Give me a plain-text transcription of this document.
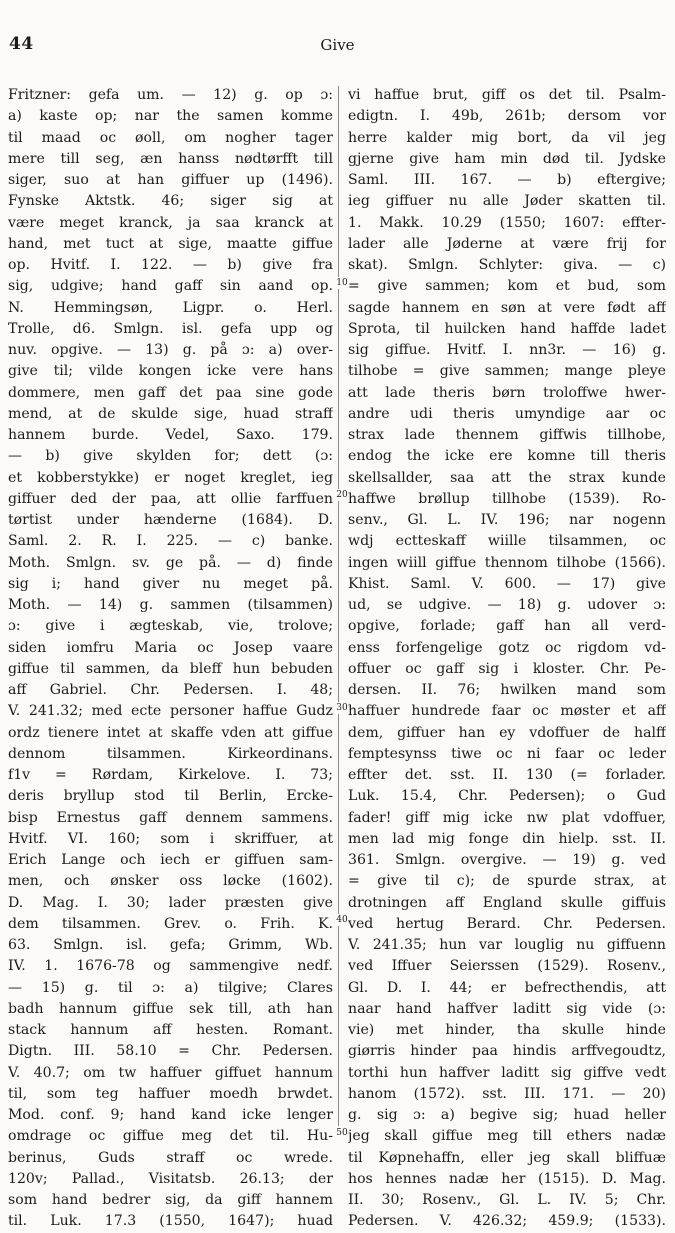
44	Give
Fritzner: gefa um. — 12) g. op ɔ:
a) kaste op; nar the samen komme
til maad oc øoll, om nogher tager
mere till seg, æn hanss nødtørfft till
siger, suo at han giffuer up (1496).
Fynske Aktstk. 46; siger sig at
være meget kranck, ja saa kranck at
hand, met tuct at sige, maatte giffue
op. Hvitf. I. 122. — b) give fra
sig, udgive; hand gaff sin aand op.
N. Hemmingsøn, Ligpr. o. Herl.
Trolle, d6. Smlgn. isl. gefa upp og
nuv. opgive. — 13) g. på ɔ: a) over-
give til; vilde kongen icke vere hans
dommere, men gaff det paa sine gode
mend, at de skulde sige, huad straff
hannem burde. Vedel, Saxo. 179.
— b) give skylden for; dett (ɔ:
et kobberstykke) er noget kreglet, ieg
giffuer ded der paa, att ollie farffuen
tørtist under hænderne (1684). D.
Saml. 2. R. I. 225. — c) banke.
Moth. Smlgn. sv. ge på. — d) finde
sig i; hand giver nu meget på.
Moth. — 14) g. sammen (tilsammen)
ɔ: give i ægteskab, vie, trolove;
siden iomfru Maria oc Josep vaare
giffue til sammen, da bleff hun bebuden
aff Gabriel. Chr. Pedersen. I. 48;
V. 241.32; med ecte personer haffue Gudz
ordz tienere intet at skaffe vden att giffue
dennom tilsammen. Kirkeordinans.
f1v = Rørdam, Kirkelove. I. 73;
deris bryllup stod til Berlin, Ercke-
bisp Ernestus gaff dennem sammens.
Hvitf. VI. 160; som i skriffuer, at
Erich Lange och iech er giffuen sam-
men, och ønsker oss løcke (1602).
D. Mag. I. 30; lader præsten give
dem tilsammen. Grev. o. Frih. K.
63. Smlgn. isl. gefa; Grimm, Wb.
IV. 1. 1676-78 og sammengive nedf.
— 15) g. til ɔ: a) tilgive; Clares
badh hannum giffue sek till, ath han
stack hannum aff hesten. Romant.
Digtn. III. 58.10 = Chr. Pedersen.
V. 40.7; om tw haffuer giffuet hannum
til, som teg haffuer moedh brwdet.
Mod. conf. 9; hand kand icke lenger
omdrage oc giffue meg det til. Hu-
berinus, Guds straff oc wrede.
120v; Pallad., Visitatsb. 26.13; der
som hand bedrer sig, da giff hannem
til. Luk. 17.3 (1550, 1647); huad
vi haffue brut, giff os det til. Psalm-
edigtn. I. 49b, 261b; dersom vor
herre kalder mig bort, da vil jeg
gjerne give ham min død til. Jydske
Saml. III. 167. — b) eftergive;
ieg giffuer nu alle Jøder skatten til.
1. Makk. 10.29 (1550; 1607: effter-
lader alle Jøderne at være frij for
skat). Smlgn. Schlyter: giva. — c)
= give sammen; kom et bud, som
sagde hannem en søn at vere født aff
Sprota, til huilcken hand haffde ladet
sig giffue. Hvitf. I. nn3r. — 16) g.
tilhobe = give sammen; mange pleye
att lade theris børn troloffwe hwer-
andre udi theris umyndige aar oc
strax lade thennem giffwis tillhobe,
endog the icke ere komne till theris
skellsallder, saa att the strax kunde
haffwe brøllup tillhobe (1539). Ro-
senv., Gl. L. IV. 196; nar nogenn
wdj ectteskaff wiille tilsammen, oc
ingen wiill giffue thennom tilhobe (1566).
Khist. Saml. V. 600. — 17) give
ud, se udgive. — 18) g. udover ɔ:
opgive, forlade; gaff han all verd-
enss forfengelige gotz oc rigdom vd-
offuer oc gaff sig i kloster. Chr. Pe-
dersen. II. 76; hwilken mand som
haffuer hundrede faar oc møster et aff
dem, giffuer han ey vdoffuer de halff
femptesynss tiwe oc ni faar oc leder
effter det. sst. II. 130 (= forlader.
Luk. 15.4, Chr. Pedersen); o Gud
fader! giff mig icke nw plat vdoffuer,
men lad mig fonge din hielp. sst. II.
361. Smlgn. overgive. — 19) g. ved
= give til c); de spurde strax, at
drotningen aff England skulle giffuis
ved hertug Berard. Chr. Pedersen.
V. 241.35; hun var louglig nu giffuenn
ved Iffuer Seierssen (1529). Rosenv.,
Gl. D. I. 44; er befrecthendis, att
naar hand haffver laditt sig vide (ɔ:
vie) met hinder, tha skulle hinde
giørris hinder paa hindis arffvegoudtz,
torthi hun haffver laditt sig giffve vedt
hanom (1572). sst. III. 171. — 20)
g. sig ɔ: a) begive sig; huad heller
jeg skall giffue meg till ethers nadæ
til Køpnehaffn, eller jeg skall bliffuæ
hos hennes nadæ her (1515). D. Mag.
II. 30; Rosenv., Gl. L. IV. 5; Chr.
Pedersen. V. 426.32; 459.9; (1533).
10
20
30
40
50
